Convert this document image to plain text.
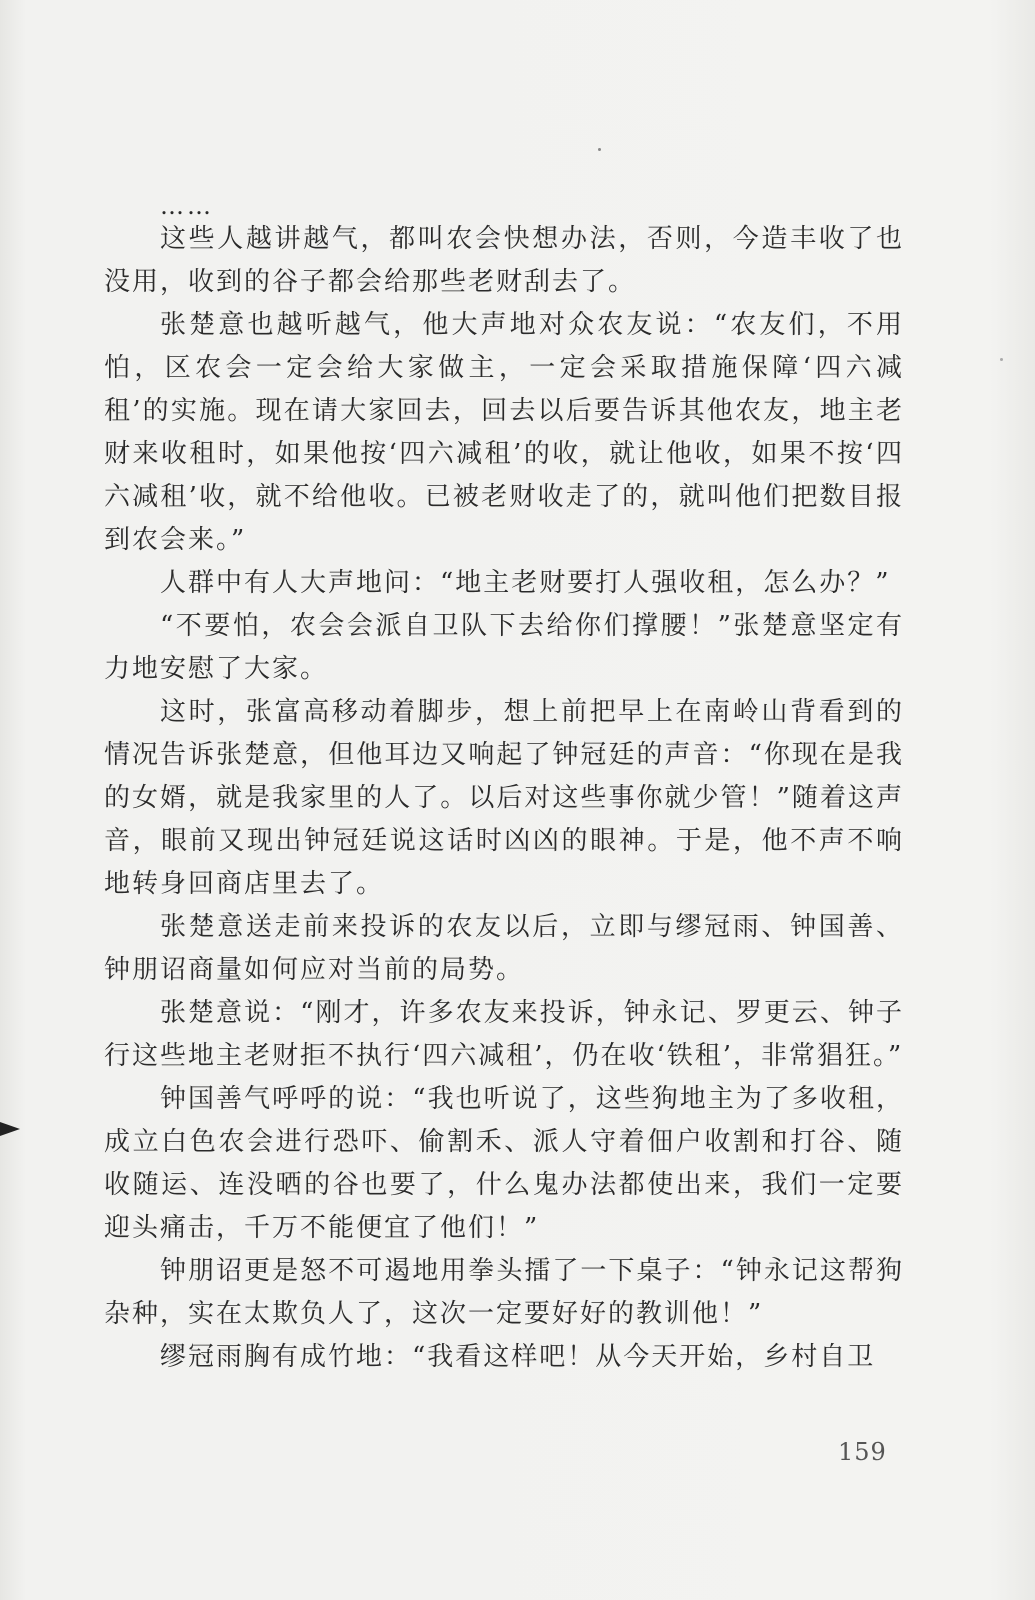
……

这些人越讲越气，都叫农会快想办法，否则，今造丰收了也没用，收到的谷子都会给那些老财刮去了。

张楚意也越听越气，他大声地对众农友说：“农友们，不用怕，区农会一定会给大家做主，一定会采取措施保障‘四六减租’的实施。现在请大家回去，回去以后要告诉其他农友，地主老财来收租时，如果他按‘四六减租’的收，就让他收，如果不按‘四六减租’收，就不给他收。已被老财收走了的，就叫他们把数目报到农会来。”

人群中有人大声地问：“地主老财要打人强收租，怎么办？”

“不要怕，农会会派自卫队下去给你们撑腰！”张楚意坚定有力地安慰了大家。

这时，张富高移动着脚步，想上前把早上在南岭山背看到的情况告诉张楚意，但他耳边又响起了钟冠廷的声音：“你现在是我的女婿，就是我家里的人了。以后对这些事你就少管！”随着这声音，眼前又现出钟冠廷说这话时凶凶的眼神。于是，他不声不响地转身回商店里去了。

张楚意送走前来投诉的农友以后，立即与缪冠雨、钟国善、钟朋诏商量如何应对当前的局势。

张楚意说：“刚才，许多农友来投诉，钟永记、罗更云、钟子行这些地主老财拒不执行‘四六减租’，仍在收‘铁租’，非常猖狂。”

钟国善气呼呼的说：“我也听说了，这些狗地主为了多收租，成立白色农会进行恐吓、偷割禾、派人守着佃户收割和打谷、随收随运、连没晒的谷也要了，什么鬼办法都使出来，我们一定要迎头痛击，千万不能便宜了他们！”

钟朋诏更是怒不可遏地用拳头擂了一下桌子：“钟永记这帮狗杂种，实在太欺负人了，这次一定要好好的教训他！”

缪冠雨胸有成竹地：“我看这样吧！从今天开始，乡村自卫

159
